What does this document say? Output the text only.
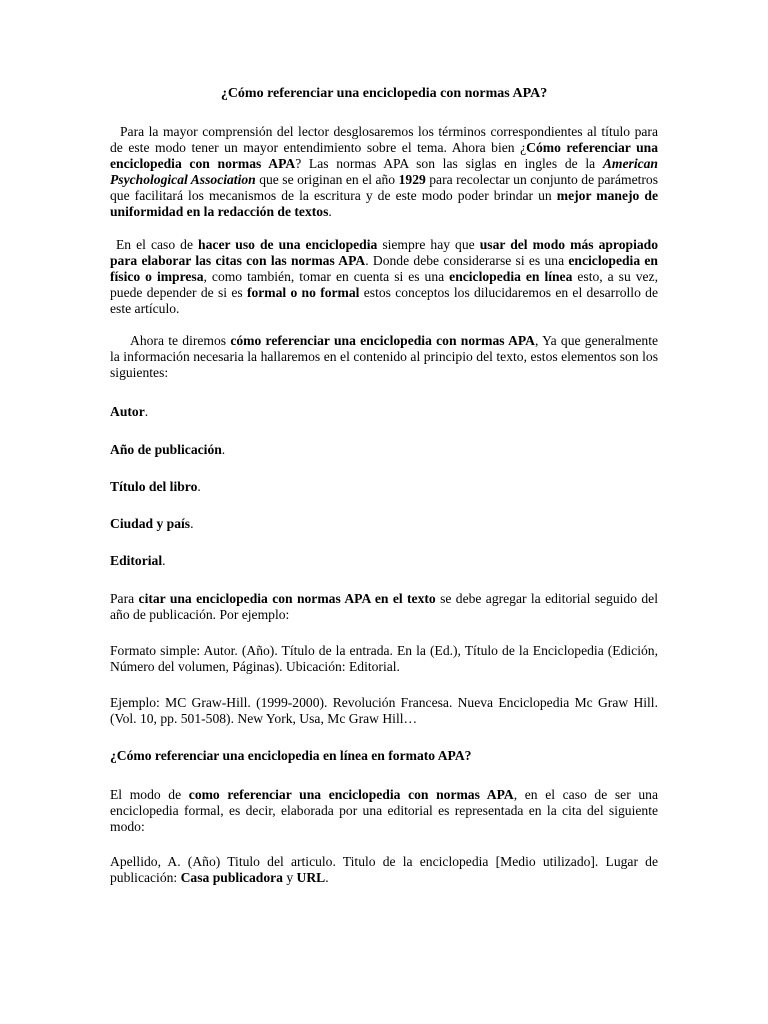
¿Cómo referenciar una enciclopedia con normas APA?

Para la mayor comprensión del lector desglosaremos los términos correspondientes al título para de este modo tener un mayor entendimiento sobre el tema. Ahora bien ¿Cómo referenciar una enciclopedia con normas APA? Las normas APA son las siglas en ingles de la American Psychological Association que se originan en el año 1929 para recolectar un conjunto de parámetros que facilitará los mecanismos de la escritura y de este modo poder brindar un mejor manejo de uniformidad en la redacción de textos.

En el caso de hacer uso de una enciclopedia siempre hay que usar del modo más apropiado para elaborar las citas con las normas APA. Donde debe considerarse si es una enciclopedia en físico o impresa, como también, tomar en cuenta si es una enciclopedia en línea esto, a su vez, puede depender de si es formal o no formal estos conceptos los dilucidaremos en el desarrollo de este artículo.

Ahora te diremos cómo referenciar una enciclopedia con normas APA, Ya que generalmente la información necesaria la hallaremos en el contenido al principio del texto, estos elementos son los siguientes:

Autor.

Año de publicación.

Título del libro.

Ciudad y país.

Editorial.

Para citar una enciclopedia con normas APA en el texto se debe agregar la editorial seguido del año de publicación. Por ejemplo:

Formato simple: Autor. (Año). Título de la entrada. En la (Ed.), Título de la Enciclopedia (Edición, Número del volumen, Páginas). Ubicación: Editorial.

Ejemplo: MC Graw-Hill. (1999-2000). Revolución Francesa. Nueva Enciclopedia Mc Graw Hill. (Vol. 10, pp. 501-508). New York, Usa, Mc Graw Hill…

¿Cómo referenciar una enciclopedia en línea en formato APA?

El modo de como referenciar una enciclopedia con normas APA, en el caso de ser una enciclopedia formal, es decir, elaborada por una editorial es representada en la cita del siguiente modo:

Apellido, A. (Año) Titulo del articulo. Titulo de la enciclopedia [Medio utilizado]. Lugar de publicación: Casa publicadora y URL.
